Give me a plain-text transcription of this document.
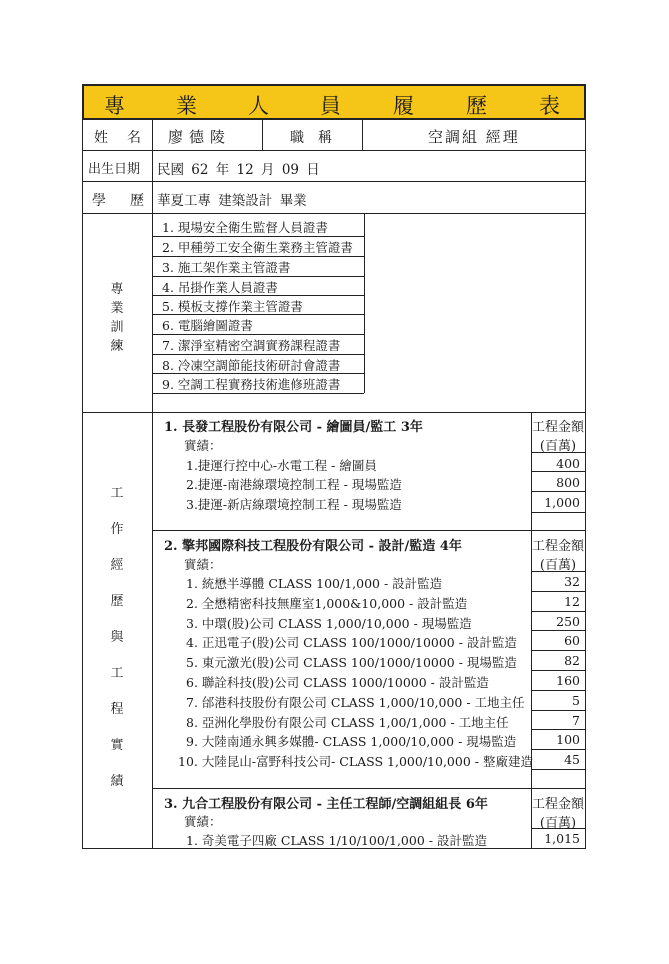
專 業 人 員 履 歷 表
姓 名 廖德陵	職稱	空調組 經理
出生日期 民國 62 年 12 月 09 日
學 歷 華夏工專 建築設計 畢業
專
業
訓
練
1. 現場安全衛生監督人員證書
2. 甲種勞工安全衛生業務主管證書
3. 施工架作業主管證書
4. 吊掛作業人員證書
5. 模板支撐作業主管證書
6. 電腦繪圖證書
7. 潔淨室精密空調實務課程證書
8. 冷凍空調節能技術研討會證書
9. 空調工程實務技術進修班證書
工
作
經
歷
與
工
程
實
績
1. 長發工程股份有限公司 - 繪圖員/監工 3年
實績：
工程金額
(百萬)
1.捷運行控中心-水電工程 - 繪圖員	400
2.捷運-南港線環境控制工程 - 現場監造	800
3.捷運-新店線環境控制工程 - 現場監造	1,000
2. 擎邦國際科技工程股份有限公司 - 設計/監造 4年
實績：
工程金額
(百萬)
1. 統懋半導體 CLASS 100/1,000 - 設計監造	32
2. 全懋精密科技無塵室1,000&10,000 - 設計監造	12
3. 中環(股)公司 CLASS 1,000/10,000 - 現場監造	250
4. 正迅電子(股)公司 CLASS 100/1000/10000 - 設計監造	60
5. 東元激光(股)公司 CLASS 100/1000/10000 - 現場監造	82
6. 聯詮科技(股)公司 CLASS 1000/10000 - 設計監造	160
7. 邰港科技股份有限公司 CLASS 1,000/10,000 - 工地主任	5
8. 亞洲化學股份有限公司 CLASS 1,00/1,000 - 工地主任	7
9. 大陸南通永興多媒體- CLASS 1,000/10,000 - 現場監造	100
10. 大陸昆山-富野科技公司- CLASS 1,000/10,000 - 整廠建造	45
3. 九合工程股份有限公司 - 主任工程師/空調組組長 6年
實績：
工程金額
(百萬)
1. 奇美電子四廠 CLASS 1/10/100/1,000 - 設計監造	1,015
